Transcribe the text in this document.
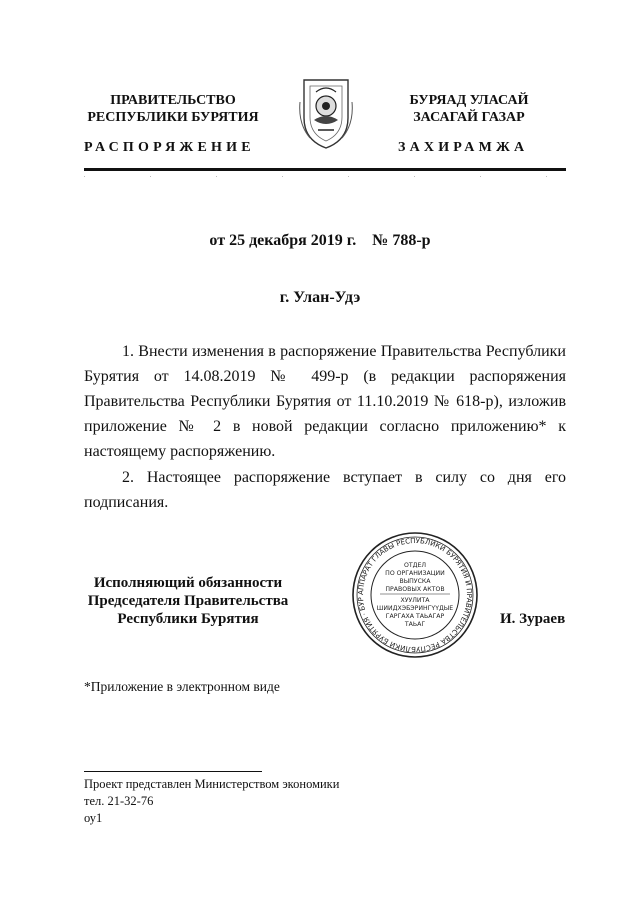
ПРАВИТЕЛЬСТВО
РЕСПУБЛИКИ БУРЯТИЯ
БУРЯАД УЛАСАЙ
ЗАСАГАЙ ГАЗАР
РАСПОРЯЖЕНИЕ	ЗАХИРАМЖА
от 25 декабря 2019 г.    № 788-р
г. Улан-Удэ
1. Внести изменения в распоряжение Правительства Республики Бурятия от 14.08.2019 № 499-р (в редакции распоряжения Правительства Республики Бурятия от 11.10.2019 № 618-р), изложив приложение № 2 в новой редакции согласно приложению* к настоящему распоряжению.
2. Настоящее распоряжение вступает в силу со дня его подписания.
Исполняющий обязанности
Председателя Правительства
Республики Бурятия
АППАРАТ ГЛАВЫ РЕСПУБЛИКИ БУРЯТИЯ И ПРАВИТЕЛЬСТВА РЕСПУБЛИКИ БУРЯТИЯ · БУР
ОТДЕЛ
ПО ОРГАНИЗАЦИИ
ВЫПУСКА
ПРАВОВЫХ АКТОВ
ХУУЛИТА
ШИИДХЭБЭРИНГҮҮДЫЕ
ГАРГАХА ТАЬАГАР
ТАЬАГ	И. Зураев
*Приложение в электронном виде
Проект представлен Министерством экономики
тел. 21-32-76
оу1
